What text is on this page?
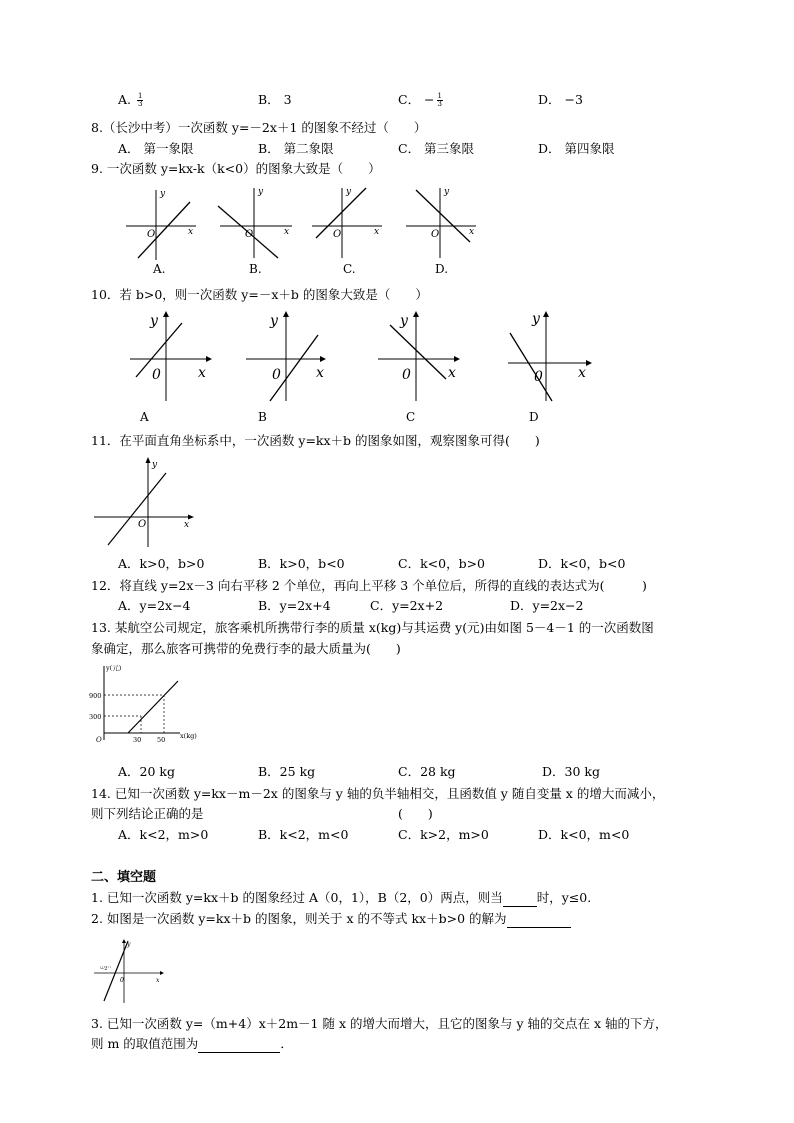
A. $\frac{1}{3}$	B． 3	C． − $\frac{1}{3}$	D． −3
8.（长沙中考）一次函数 y=－2x＋1 的图象不经过（　　）
A． 第一象限	B． 第二象限	C． 第三象限	D． 第四象限
9. 一次函数 y=kx-k（k<0）的图象大致是（　　）
y
x
O
y
x
O
y
x
O
y
x
O
A.	B.	C.	D.
10．若 b>0，则一次函数 y=－x＋b 的图象大致是（　　）
y
x
0
y
x
0
y
x
0
y
x
0
A	B	C	D
11．在平面直角坐标系中，一次函数 y=kx＋b 的图象如图，观察图象可得(　　)
y
x
O
A．k>0，b>0	B．k>0，b<0	C．k<0，b>0	D．k<0，b<0
12．将直线 y=2x－3 向右平移 2 个单位，再向上平移 3 个单位后，所得的直线的表达式为(　　　)
A．y=2x−4	B．y=2x+4	C．y=2x+2	D．y=2x−2
13. 某航空公司规定，旅客乘机所携带行李的质量 x(kg)与其运费 y(元)由如图 5－4－1 的一次函数图
象确定，那么旅客可携带的免费行李的最大质量为(　　)
y(元)
x(kg)
900
300
30 50
O
A．20 kg	B．25 kg	C．28 kg	D．30 kg
14. 已知一次函数 y=kx－m－2x 的图象与 y 轴的负半轴相交，且函数值 y 随自变量 x 的增大而减小，
则下列结论正确的是	(　　)
A．k<2，m>0	B．k<2，m<0	C．k>2，m>0	D．k<0，m<0
二、填空题
1. 已知一次函数 y=kx＋b 的图象经过 A（0，1），B（2，0）两点，则当	时，y≤0.
2. 如图是一次函数 y=kx＋b 的图象，则关于 x 的不等式 kx＋b>0 的解为
y
x
0
−2
3. 已知一次函数 y=（m+4）x＋2m－1 随 x 的增大而增大，且它的图象与 y 轴的交点在 x 轴的下方，
则 m 的取值范围为	．
